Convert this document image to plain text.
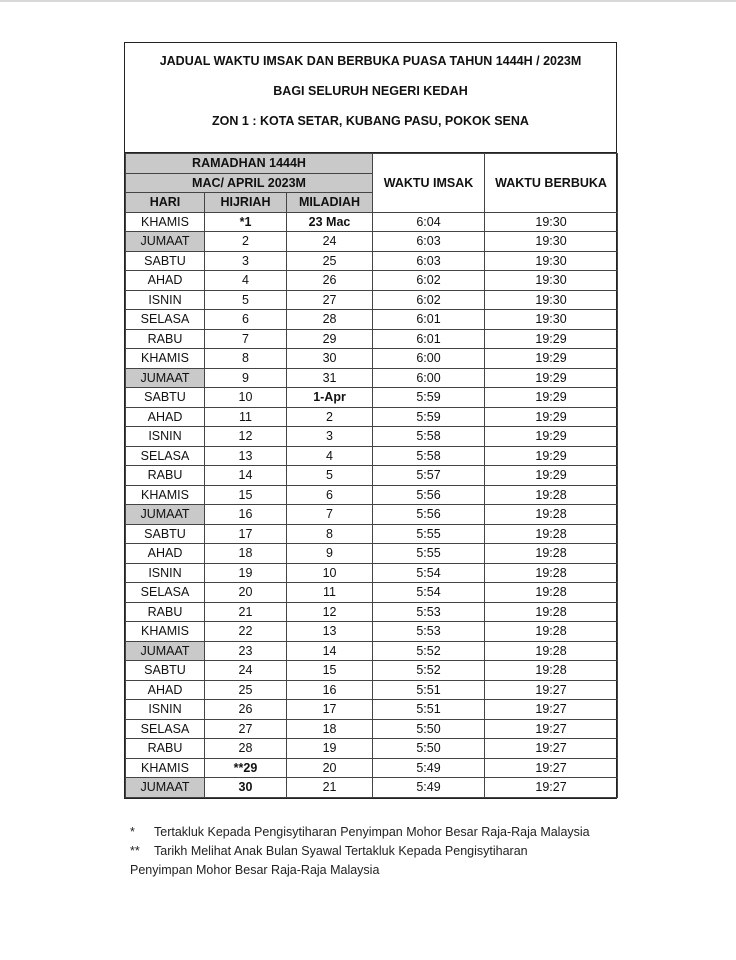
JADUAL WAKTU IMSAK DAN BERBUKA PUASA TAHUN 1444H / 2023M
BAGI SELURUH NEGERI KEDAH
ZON 1 : KOTA SETAR, KUBANG PASU, POKOK SENA
RAMADHAN 1444H			WAKTU IMSAK	WAKTU BERBUKA
MAC/ APRIL 2023M				
HARI	HIJRIAH	MILADIAH		
KHAMIS	*1	23 Mac	6:04	19:30
JUMAAT	2	24	6:03	19:30
SABTU	3	25	6:03	19:30
AHAD	4	26	6:02	19:30
ISNIN	5	27	6:02	19:30
SELASA	6	28	6:01	19:30
RABU	7	29	6:01	19:29
KHAMIS	8	30	6:00	19:29
JUMAAT	9	31	6:00	19:29
SABTU	10	1-Apr	5:59	19:29
AHAD	11	2	5:59	19:29
ISNIN	12	3	5:58	19:29
SELASA	13	4	5:58	19:29
RABU	14	5	5:57	19:29
KHAMIS	15	6	5:56	19:28
JUMAAT	16	7	5:56	19:28
SABTU	17	8	5:55	19:28
AHAD	18	9	5:55	19:28
ISNIN	19	10	5:54	19:28
SELASA	20	11	5:54	19:28
RABU	21	12	5:53	19:28
KHAMIS	22	13	5:53	19:28
JUMAAT	23	14	5:52	19:28
SABTU	24	15	5:52	19:28
AHAD	25	16	5:51	19:27
ISNIN	26	17	5:51	19:27
SELASA	27	18	5:50	19:27
RABU	28	19	5:50	19:27
KHAMIS	**29	20	5:49	19:27
JUMAAT	30	21	5:49	19:27
*	Tertakluk Kepada Pengisytiharan Penyimpan Mohor Besar Raja-Raja Malaysia
**	Tarikh Melihat Anak Bulan Syawal Tertakluk Kepada Pengisytiharan
Penyimpan Mohor Besar Raja-Raja Malaysia
